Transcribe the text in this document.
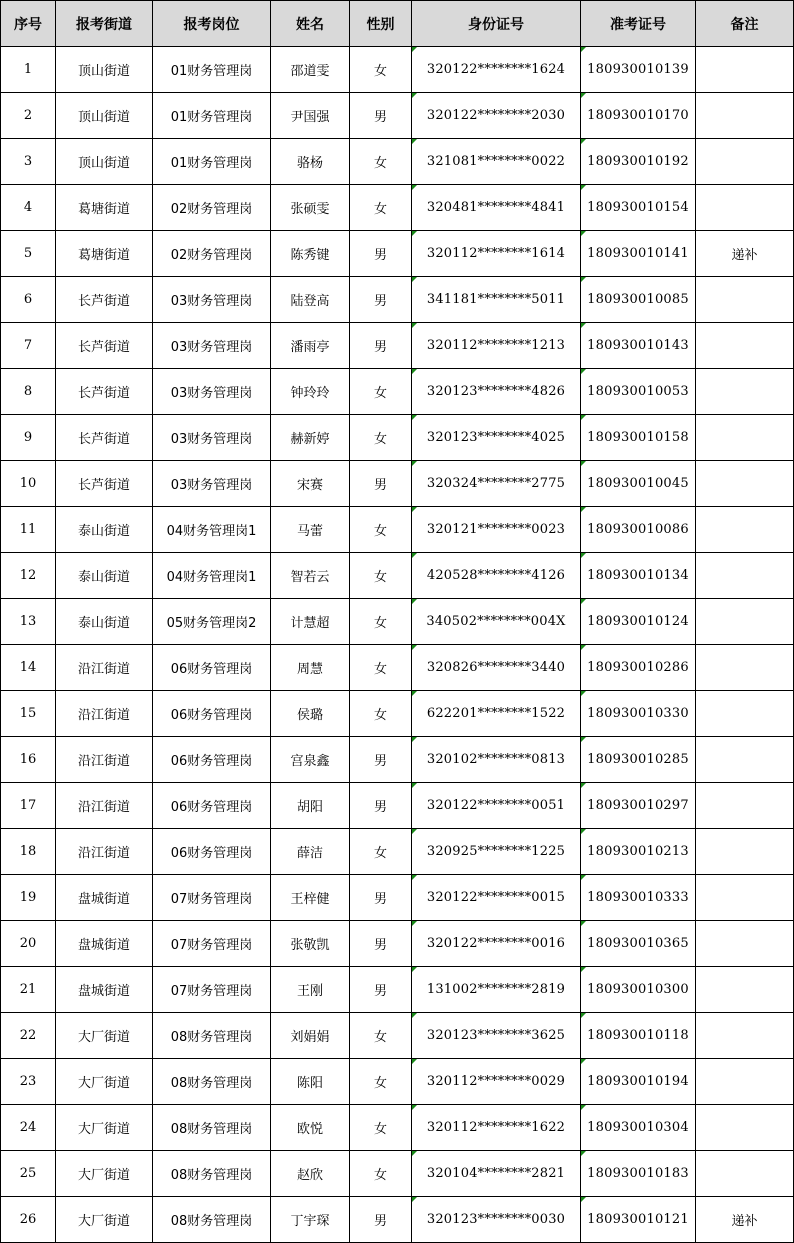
序号	报考街道	报考岗位	姓名	性别	身份证号	准考证号	备注
1	顶山街道	01财务管理岗	邵道雯	女	320122********1624	180930010139	
2	顶山街道	01财务管理岗	尹国强	男	320122********2030	180930010170	
3	顶山街道	01财务管理岗	骆杨	女	321081********0022	180930010192	
4	葛塘街道	02财务管理岗	张硕雯	女	320481********4841	180930010154	
5	葛塘街道	02财务管理岗	陈秀键	男	320112********1614	180930010141	递补
6	长芦街道	03财务管理岗	陆登高	男	341181********5011	180930010085	
7	长芦街道	03财务管理岗	潘雨亭	男	320112********1213	180930010143	
8	长芦街道	03财务管理岗	钟玲玲	女	320123********4826	180930010053	
9	长芦街道	03财务管理岗	赫新婷	女	320123********4025	180930010158	
10	长芦街道	03财务管理岗	宋赛	男	320324********2775	180930010045	
11	泰山街道	04财务管理岗1	马蕾	女	320121********0023	180930010086	
12	泰山街道	04财务管理岗1	智若云	女	420528********4126	180930010134	
13	泰山街道	05财务管理岗2	计慧超	女	340502********004X	180930010124	
14	沿江街道	06财务管理岗	周慧	女	320826********3440	180930010286	
15	沿江街道	06财务管理岗	侯璐	女	622201********1522	180930010330	
16	沿江街道	06财务管理岗	宫泉鑫	男	320102********0813	180930010285	
17	沿江街道	06财务管理岗	胡阳	男	320122********0051	180930010297	
18	沿江街道	06财务管理岗	薛洁	女	320925********1225	180930010213	
19	盘城街道	07财务管理岗	王梓健	男	320122********0015	180930010333	
20	盘城街道	07财务管理岗	张敬凯	男	320122********0016	180930010365	
21	盘城街道	07财务管理岗	王刚	男	131002********2819	180930010300	
22	大厂街道	08财务管理岗	刘娟娟	女	320123********3625	180930010118	
23	大厂街道	08财务管理岗	陈阳	女	320112********0029	180930010194	
24	大厂街道	08财务管理岗	欧悦	女	320112********1622	180930010304	
25	大厂街道	08财务管理岗	赵欣	女	320104********2821	180930010183	
26	大厂街道	08财务管理岗	丁宇琛	男	320123********0030	180930010121	递补
